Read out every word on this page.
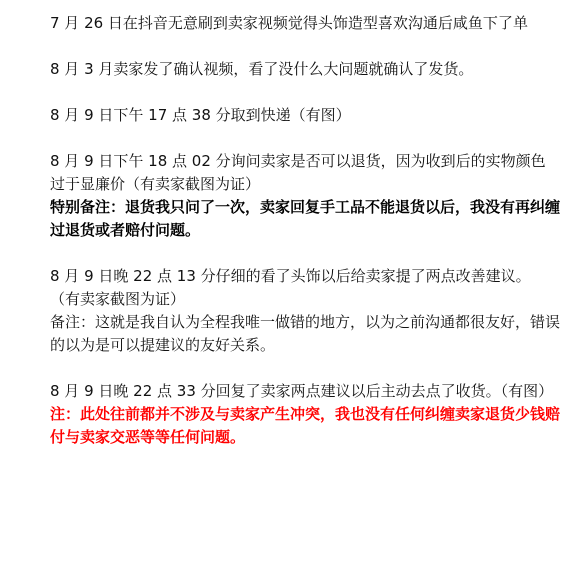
7 月 26 日在抖音无意刷到卖家视频觉得头饰造型喜欢沟通后咸鱼下了单

8 月 3 月卖家发了确认视频，看了没什么大问题就确认了发货。

8 月 9 日下午 17 点 38 分取到快递（有图）

8 月 9 日下午 18 点 02 分询问卖家是否可以退货，因为收到后的实物颜色过于显廉价（有卖家截图为证）
特别备注：退货我只问了一次，卖家回复手工品不能退货以后，我没有再纠缠过退货或者赔付问题。
8 月 9 日晚 22 点 13 分仔细的看了头饰以后给卖家提了两点改善建议。
（有卖家截图为证）
备注：这就是我自认为全程我唯一做错的地方，以为之前沟通都很友好，错误的以为是可以提建议的友好关系。
8 月 9 日晚 22 点 33 分回复了卖家两点建议以后主动去点了收货。（有图）
注：此处往前都并不涉及与卖家产生冲突，我也没有任何纠缠卖家退货少钱赔付与卖家交恶等等任何问题。
